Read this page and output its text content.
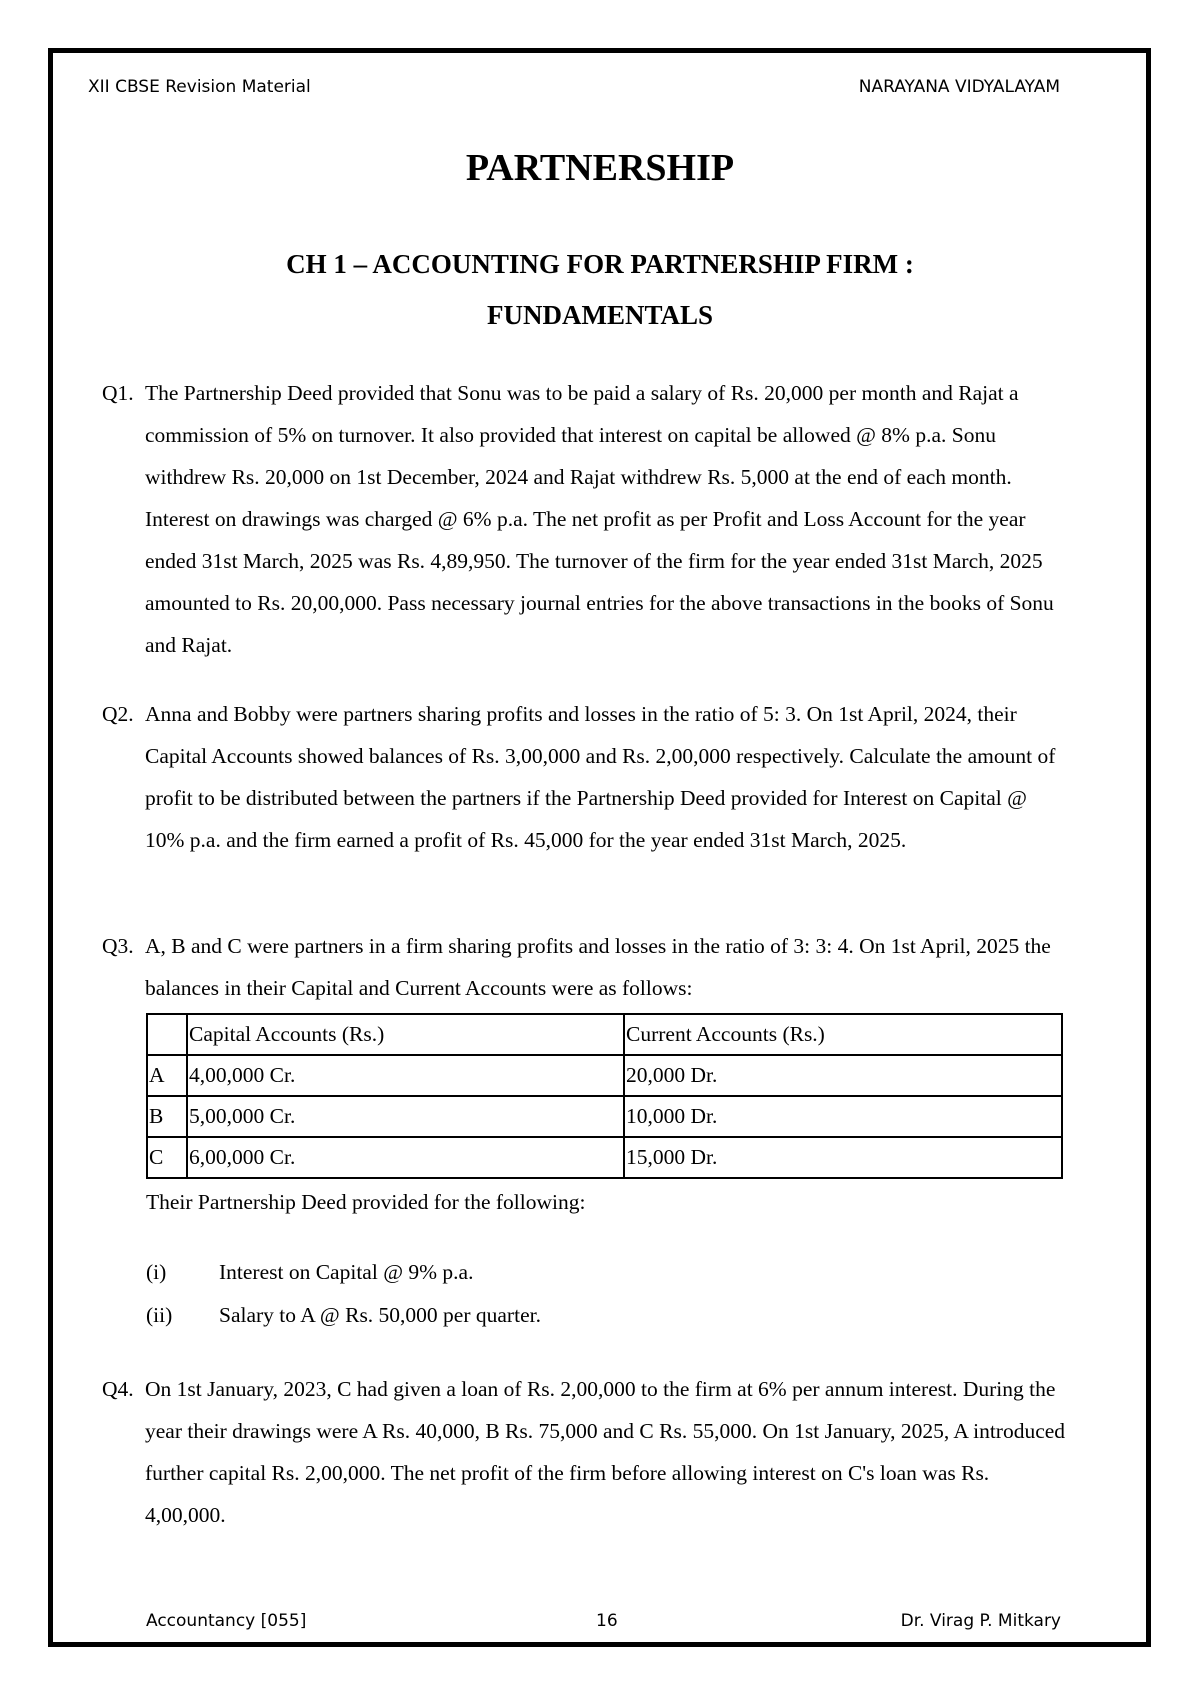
XII CBSE Revision Material	NARAYANA VIDYALAYAM
PARTNERSHIP
CH 1 – ACCOUNTING FOR PARTNERSHIP FIRM :
FUNDAMENTALS
Q1. The Partnership Deed provided that Sonu was to be paid a salary of Rs. 20,000 per month and Rajat a commission of 5% on turnover. It also provided that interest on capital be allowed @ 8% p.a. Sonu withdrew Rs. 20,000 on 1st December, 2024 and Rajat withdrew Rs. 5,000 at the end of each month. Interest on drawings was charged @ 6% p.a. The net profit as per Profit and Loss Account for the year ended 31st March, 2025 was Rs. 4,89,950. The turnover of the firm for the year ended 31st March, 2025 amounted to Rs. 20,00,000. Pass necessary journal entries for the above transactions in the books of Sonu and Rajat.
Q2. Anna and Bobby were partners sharing profits and losses in the ratio of 5: 3. On 1st April, 2024, their Capital Accounts showed balances of Rs. 3,00,000 and Rs. 2,00,000 respectively. Calculate the amount of profit to be distributed between the partners if the Partnership Deed provided for Interest on Capital @ 10% p.a. and the firm earned a profit of Rs. 45,000 for the year ended 31st March, 2025.
Q3. A, B and C were partners in a firm sharing profits and losses in the ratio of 3: 3: 4. On 1st April, 2025 the balances in their Capital and Current Accounts were as follows:
	Capital Accounts (Rs.)	Current Accounts (Rs.)
A	4,00,000 Cr.	20,000 Dr.
B	5,00,000 Cr.	10,000 Dr.
C	6,00,000 Cr.	15,000 Dr.
Their Partnership Deed provided for the following:
(i) Interest on Capital @ 9% p.a.
(ii) Salary to A @ Rs. 50,000 per quarter.
Q4. On 1st January, 2023, C had given a loan of Rs. 2,00,000 to the firm at 6% per annum interest. During the year their drawings were A Rs. 40,000, B Rs. 75,000 and C Rs. 55,000. On 1st January, 2025, A introduced further capital Rs. 2,00,000. The net profit of the firm before allowing interest on C's loan was Rs. 4,00,000.
Accountancy [055]	16	Dr. Virag P. Mitkary
